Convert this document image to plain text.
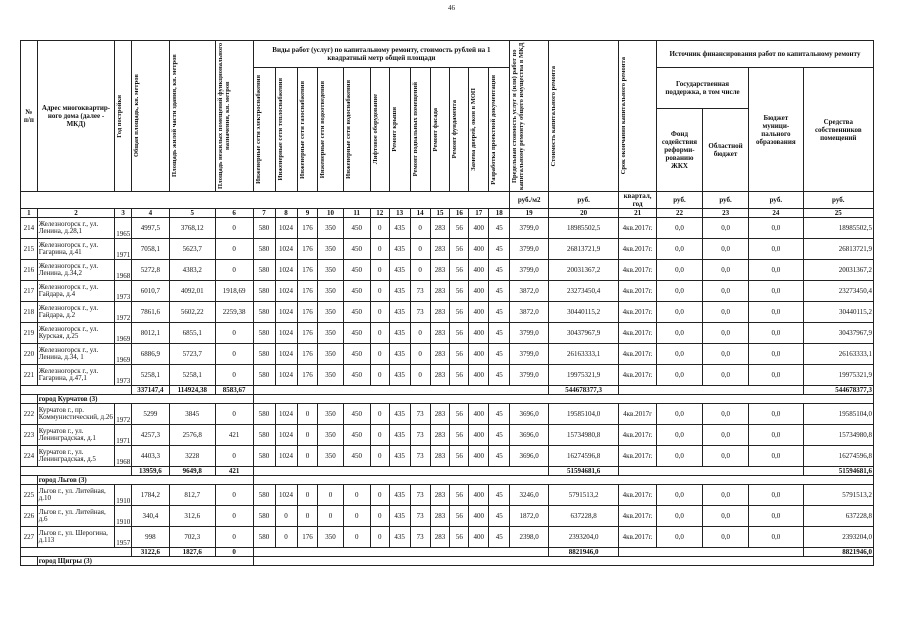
46
№ п/п	Адрес многоквартир- ного дома (далее - МКД)	Год постройки	Общая площадь, кв. метров	Площадь жилой части здания, кв. метров	Площадь нежилых помещений функционального назначения, кв. метров	Виды работ (услуг) по капитальному ремонту, стоимость рублей на 1 квадратный метр общей площади												Предельная стоимость услуг и (или) работ по капитальному ремонту общего имущества в МКД	Стоимость капитального ремонта	Срок окончания капитального ремонта	Источник финансирования работ по капитальному ремонту			

						Инженерные сети электроснабжения	Инженерные сети теплоснабжения	Инженерные сети газоснабжения	Инженерные сети водоотведения	Инженерные сети водоснабжения	Лифтовое оборудование	Ремонт крыши	Ремонт подвальных помещений	Ремонт фасада	Ремонт фундамента	Замена дверей, окон в МОП	Разработка проектной документации				Государственная поддержка, в том числе		Бюджет муници- пального образования	Средства собственников помещений
																					Фонд содействия реформи- рованию ЖКХ	Областной бюджет		
																		руб./м2	руб.	квартал, год	руб.	руб.	руб.	руб.
1	2	3	4	5	6	7	8	9	10	11	12	13	14	15	16	17	18	19	20	21	22	23	24	25
214	Железногорск г., ул. Ленина, д.28,1	1965	4997,5	3768,12	0	580	1024	176	350	450	0	435	0	283	56	400	45	3799,0	18985502,5	4кв.2017г.	0,0	0,0	0,0	18985502,5
215	Железногорск г., ул. Гагарина, д.41	1971	7058,1	5623,7	0	580	1024	176	350	450	0	435	0	283	56	400	45	3799,0	26813721,9	4кв.2017г.	0,0	0,0	0,0	26813721,9
216	Железногорск г., ул. Ленина, д.34,2	1968	5272,8	4383,2	0	580	1024	176	350	450	0	435	0	283	56	400	45	3799,0	20031367,2	4кв.2017г.	0,0	0,0	0,0	20031367,2
217	Железногорск г., ул. Гайдара, д.4	1973	6010,7	4092,01	1918,69	580	1024	176	350	450	0	435	73	283	56	400	45	3872,0	23273450,4	4кв.2017г.	0,0	0,0	0,0	23273450,4
218	Железногорск г., ул. Гайдара, д.2	1972	7861,6	5602,22	2259,38	580	1024	176	350	450	0	435	73	283	56	400	45	3872,0	30440115,2	4кв.2017г.	0,0	0,0	0,0	30440115,2
219	Железногорск г., ул. Курская, д.25	1969	8012,1	6855,1	0	580	1024	176	350	450	0	435	0	283	56	400	45	3799,0	30437967,9	4кв.2017г.	0,0	0,0	0,0	30437967,9
220	Железногорск г., ул. Ленина, д.34, 1	1969	6886,9	5723,7	0	580	1024	176	350	450	0	435	0	283	56	400	45	3799,0	26163333,1	4кв.2017г.	0,0	0,0	0,0	26163333,1
221	Железногорск г., ул. Гагарина, д.47,1	1973	5258,1	5258,1	0	580	1024	176	350	450	0	435	0	283	56	400	45	3799,0	19975321,9	4кв.2017г.	0,0	0,0	0,0	19975321,9
			337147,4	114924,38	8583,67														544678377,3					544678377,3
	город Курчатов (3)																							
222	Курчатов г., пр. Коммунистический, д.26	1972	5299	3845	0	580	1024	0	350	450	0	435	73	283	56	400	45	3696,0	19585104,0	4кв.2017г	0,0	0,0	0,0	19585104,0
223	Курчатов г., ул. Ленинградская, д.1	1971	4257,3	2576,8	421	580	1024	0	350	450	0	435	73	283	56	400	45	3696,0	15734980,8	4кв.2017г.	0,0	0,0	0,0	15734980,8
224	Курчатов г., ул. Ленинградская, д.5	1968	4403,3	3228	0	580	1024	0	350	450	0	435	73	283	56	400	45	3696,0	16274596,8	4кв.2017г.	0,0	0,0	0,0	16274596,8
			13959,6	9649,8	421														51594681,6					51594681,6
	город Льгов (3)																							
225	Льгов г., ул. Литейная, д.10	1910	1784,2	812,7	0	580	1024	0	0	0	0	435	73	283	56	400	45	3246,0	5791513,2	4кв.2017г.	0,0	0,0	0,0	5791513,2
226	Льгов г., ул. Литейная, д.6	1910	340,4	312,6	0	580	0	0	0	0	0	435	73	283	56	400	45	1872,0	637228,8	4кв.2017г.	0,0	0,0	0,0	637228,8
227	Льгов г., ул. Шерогина, д.113	1957	998	702,3	0	580	0	176	350	0	0	435	73	283	56	400	45	2398,0	2393204,0	4кв.2017г.	0,0	0,0	0,0	2393204,0
			3122,6	1827,6	0														8821946,0					8821946,0
	город Щигры (3)																							
